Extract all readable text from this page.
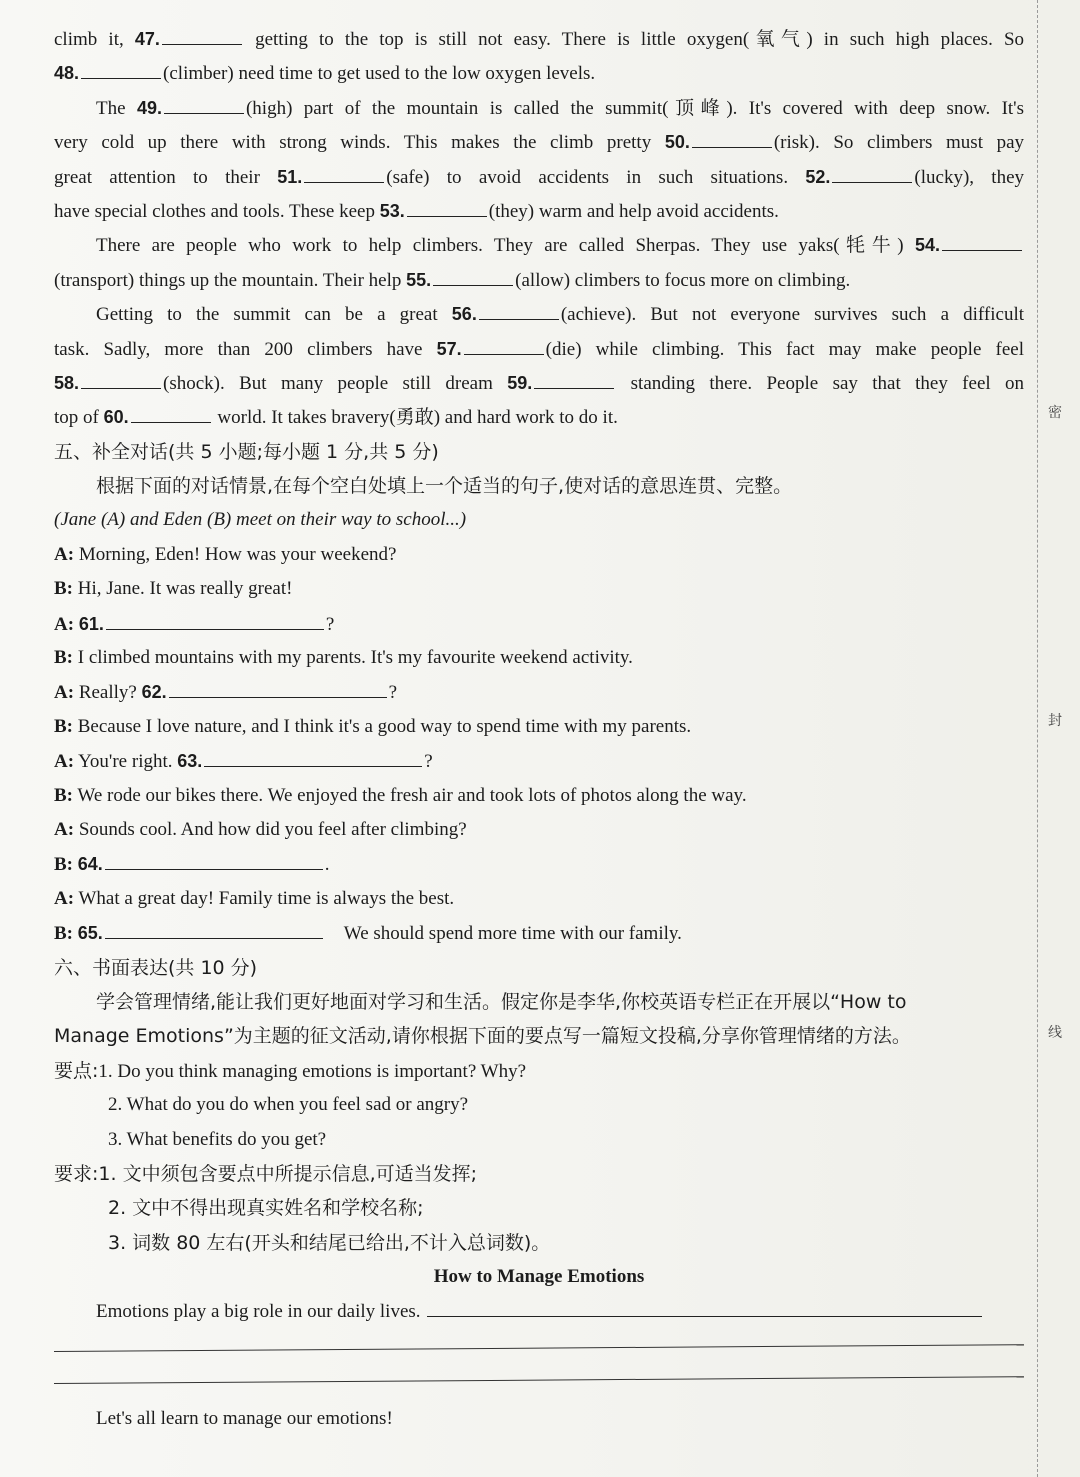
密
封
线
climb it, 47.	getting to the top is still not easy. There is little oxygen(氧气) in such high places. So
48.	(climber) need time to get used to the low oxygen levels.
The 49.	(high) part of the mountain is called the summit(顶峰). It's covered with deep snow. It's
very cold up there with strong winds. This makes the climb pretty 50.	(risk). So climbers must pay
great attention to their 51.	(safe) to avoid accidents in such situations. 52.	(lucky), they
have special clothes and tools. These keep 53.	(they) warm and help avoid accidents.
There are people who work to help climbers. They are called Sherpas. They use yaks(牦牛) 54.
(transport) things up the mountain. Their help 55.	(allow) climbers to focus more on climbing.
Getting to the summit can be a great 56.	(achieve). But not everyone survives such a difficult
task. Sadly, more than 200 climbers have 57.	(die) while climbing. This fact may make people feel
58.	(shock). But many people still dream 59.	standing there. People say that they feel on
top of 60.	world. It takes bravery(勇敢) and hard work to do it.
五、补全对话(共 5 小题;每小题 1 分,共 5 分)
根据下面的对话情景,在每个空白处填上一个适当的句子,使对话的意思连贯、完整。
(Jane (A) and Eden (B) meet on their way to school...)
A: Morning, Eden! How was your weekend?
B: Hi, Jane. It was really great!
A: 61.	?
B: I climbed mountains with my parents. It's my favourite weekend activity.
A: Really? 62.	?
B: Because I love nature, and I think it's a good way to spend time with my parents.
A: You're right. 63.	?
B: We rode our bikes there. We enjoyed the fresh air and took lots of photos along the way.
A: Sounds cool. And how did you feel after climbing?
B: 64.	.
A: What a great day! Family time is always the best.
B: 65.	We should spend more time with our family.
六、书面表达(共 10 分)
学会管理情绪,能让我们更好地面对学习和生活。假定你是李华,你校英语专栏正在开展以“How to
Manage Emotions”为主题的征文活动,请你根据下面的要点写一篇短文投稿,分享你管理情绪的方法。
要点:1. Do you think managing emotions is important? Why?
2. What do you do when you feel sad or angry?
3. What benefits do you get?
要求:1. 文中须包含要点中所提示信息,可适当发挥;
2. 文中不得出现真实姓名和学校名称;
3. 词数 80 左右(开头和结尾已给出,不计入总词数)。
How to Manage Emotions
Emotions play a big role in our daily lives.
Let's all learn to manage our emotions!
